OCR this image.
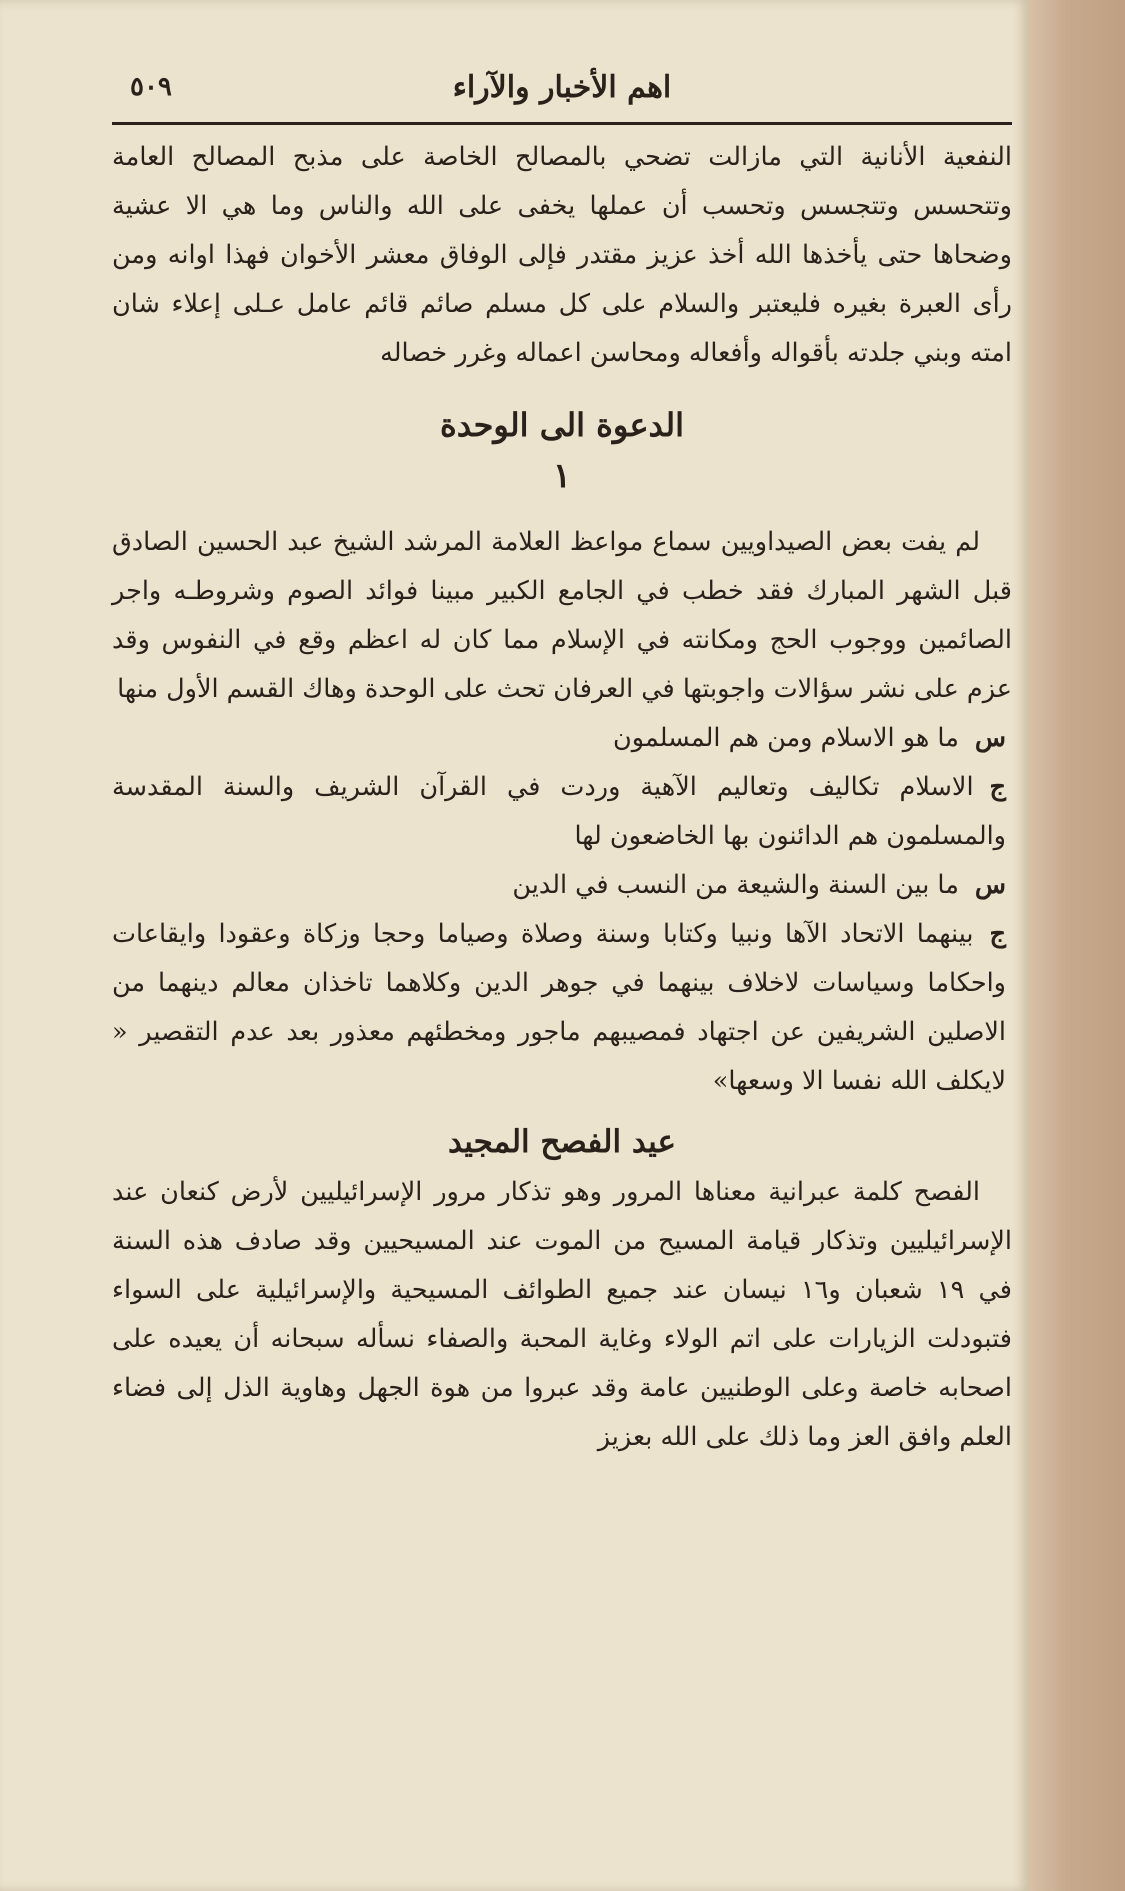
اهم الأخبار والآراء
٥٠٩

النفعية الأنانية التي مازالت تضحي بالمصالح الخاصة على مذبح المصالح العامة وتتحسس وتتجسس وتحسب أن عملها يخفى على الله والناس وما هي الا عشية وضحاها حتى يأخذها الله أخذ عزيز مقتدر فإلى الوفاق معشر الأخوان فهذا اوانه ومن رأى العبرة بغيره فليعتبر والسلام على كل مسلم صائم قائم عامل عـلى إعلاء شان امته وبني جلدته بأقواله وأفعاله ومحاسن اعماله وغرر خصاله

الدعوة الى الوحدة
١

لم يفت بعض الصيداويين سماع مواعظ العلامة المرشد الشيخ عبد الحسين الصادق قبل الشهر المبارك فقد خطب في الجامع الكبير مبينا فوائد الصوم وشروطـه واجر الصائمين ووجوب الحج ومكانته في الإسلام مما كان له اعظم وقع في النفوس وقد عزم على نشر سؤالات واجوبتها في العرفان تحث على الوحدة وهاك القسم الأول منها

سما هو الاسلام ومن هم المسلمون

جالاسلام تكاليف وتعاليم الآهية وردت في القرآن الشريف والسنة المقدسة والمسلمون هم الدائنون بها الخاضعون لها

سما بين السنة والشيعة من النسب في الدين

جبينهما الاتحاد الآها ونبيا وكتابا وسنة وصلاة وصياما وحجا وزكاة وعقودا وايقاعات واحكاما وسياسات لاخلاف بينهما في جوهر الدين وكلاهما تاخذان معالم دينهما من الاصلين الشريفين عن اجتهاد فمصيبهم ماجور ومخطئهم معذور بعد عدم التقصير « لايكلف الله نفسا الا وسعها»

عيد الفصح المجيد

الفصح كلمة عبرانية معناها المرور وهو تذكار مرور الإسرائيليين لأرض كنعان عند الإسرائيليين وتذكار قيامة المسيح من الموت عند المسيحيين وقد صادف هذه السنة في ١٩ شعبان و١٦ نيسان عند جميع الطوائف المسيحية والإسرائيلية على السواء فتبودلت الزيارات على اتم الولاء وغاية المحبة والصفاء نسأله سبحانه أن يعيده على اصحابه خاصة وعلى الوطنيين عامة وقد عبروا من هوة الجهل وهاوية الذل إلى فضاء العلم وافق العز وما ذلك على الله بعزيز
